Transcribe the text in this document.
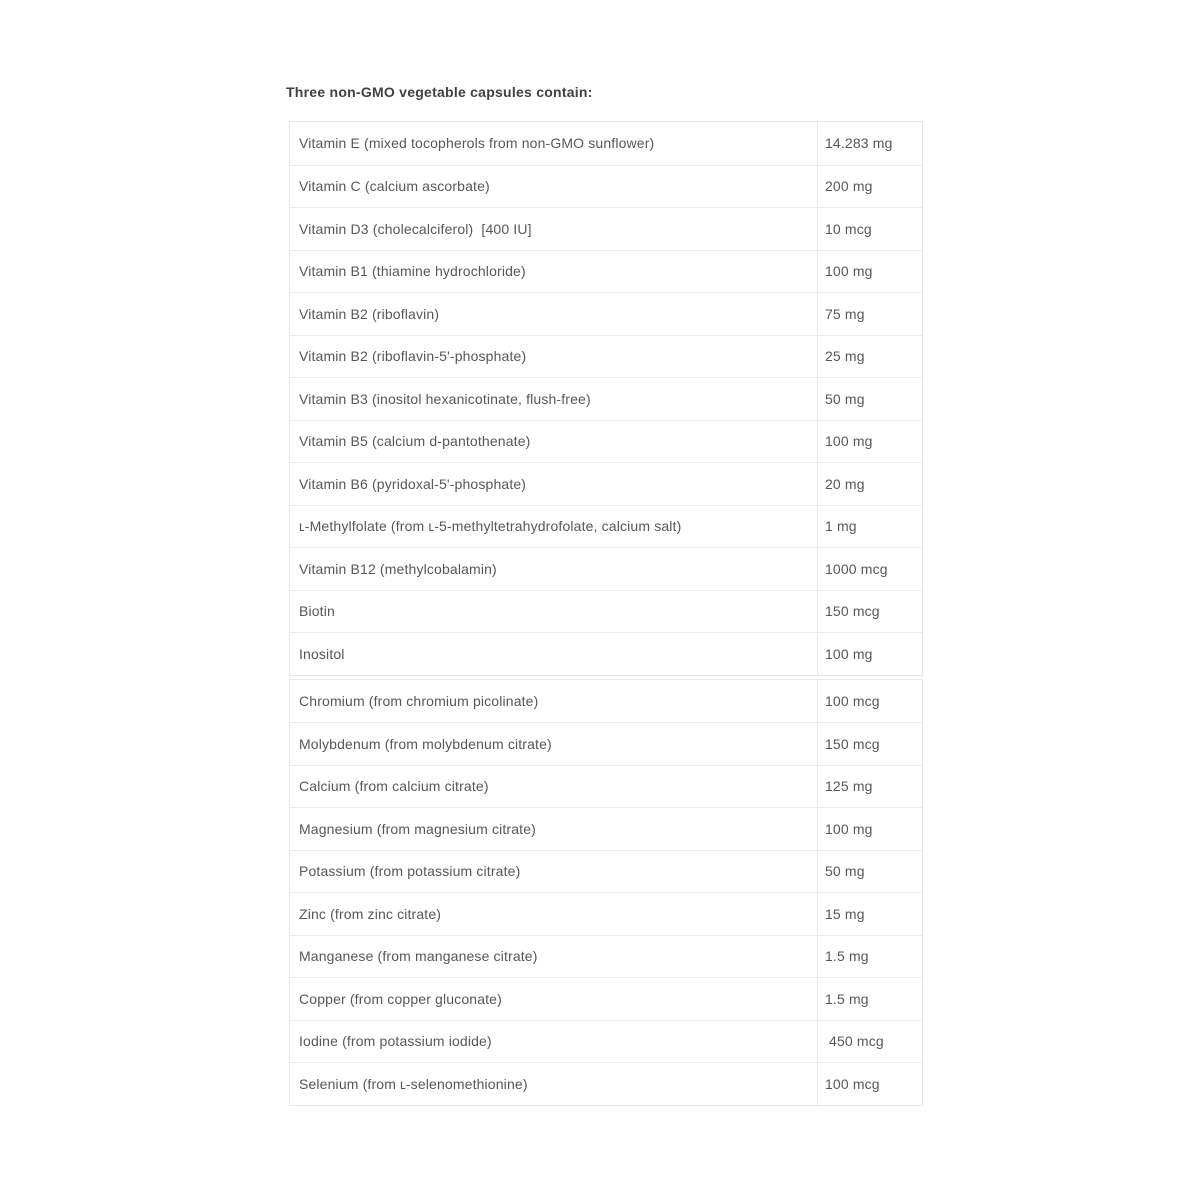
Three non-GMO vegetable capsules contain:
Vitamin E (mixed tocopherols from non-GMO sunflower)	14.283 mg
Vitamin C (calcium ascorbate)	200 mg
Vitamin D3 (cholecalciferol)  [400 IU]	10 mcg
Vitamin B1 (thiamine hydrochloride)	100 mg
Vitamin B2 (riboflavin)	75 mg
Vitamin B2 (riboflavin-5'-phosphate)	25 mg
Vitamin B3 (inositol hexanicotinate, flush-free)	50 mg
Vitamin B5 (calcium d-pantothenate)	100 mg
Vitamin B6 (pyridoxal-5'-phosphate)	20 mg
ʟ-Methylfolate (from ʟ-5-methyltetrahydrofolate, calcium salt)	1 mg
Vitamin B12 (methylcobalamin)	1000 mcg
Biotin	150 mcg
Inositol	100 mg
Chromium (from chromium picolinate)	100 mcg
Molybdenum (from molybdenum citrate)	150 mcg
Calcium (from calcium citrate)	125 mg
Magnesium (from magnesium citrate)	100 mg
Potassium (from potassium citrate)	50 mg
Zinc (from zinc citrate)	15 mg
Manganese (from manganese citrate)	1.5 mg
Copper (from copper gluconate)	1.5 mg
Iodine (from potassium iodide)	450 mcg
Selenium (from ʟ-selenomethionine)	100 mcg
